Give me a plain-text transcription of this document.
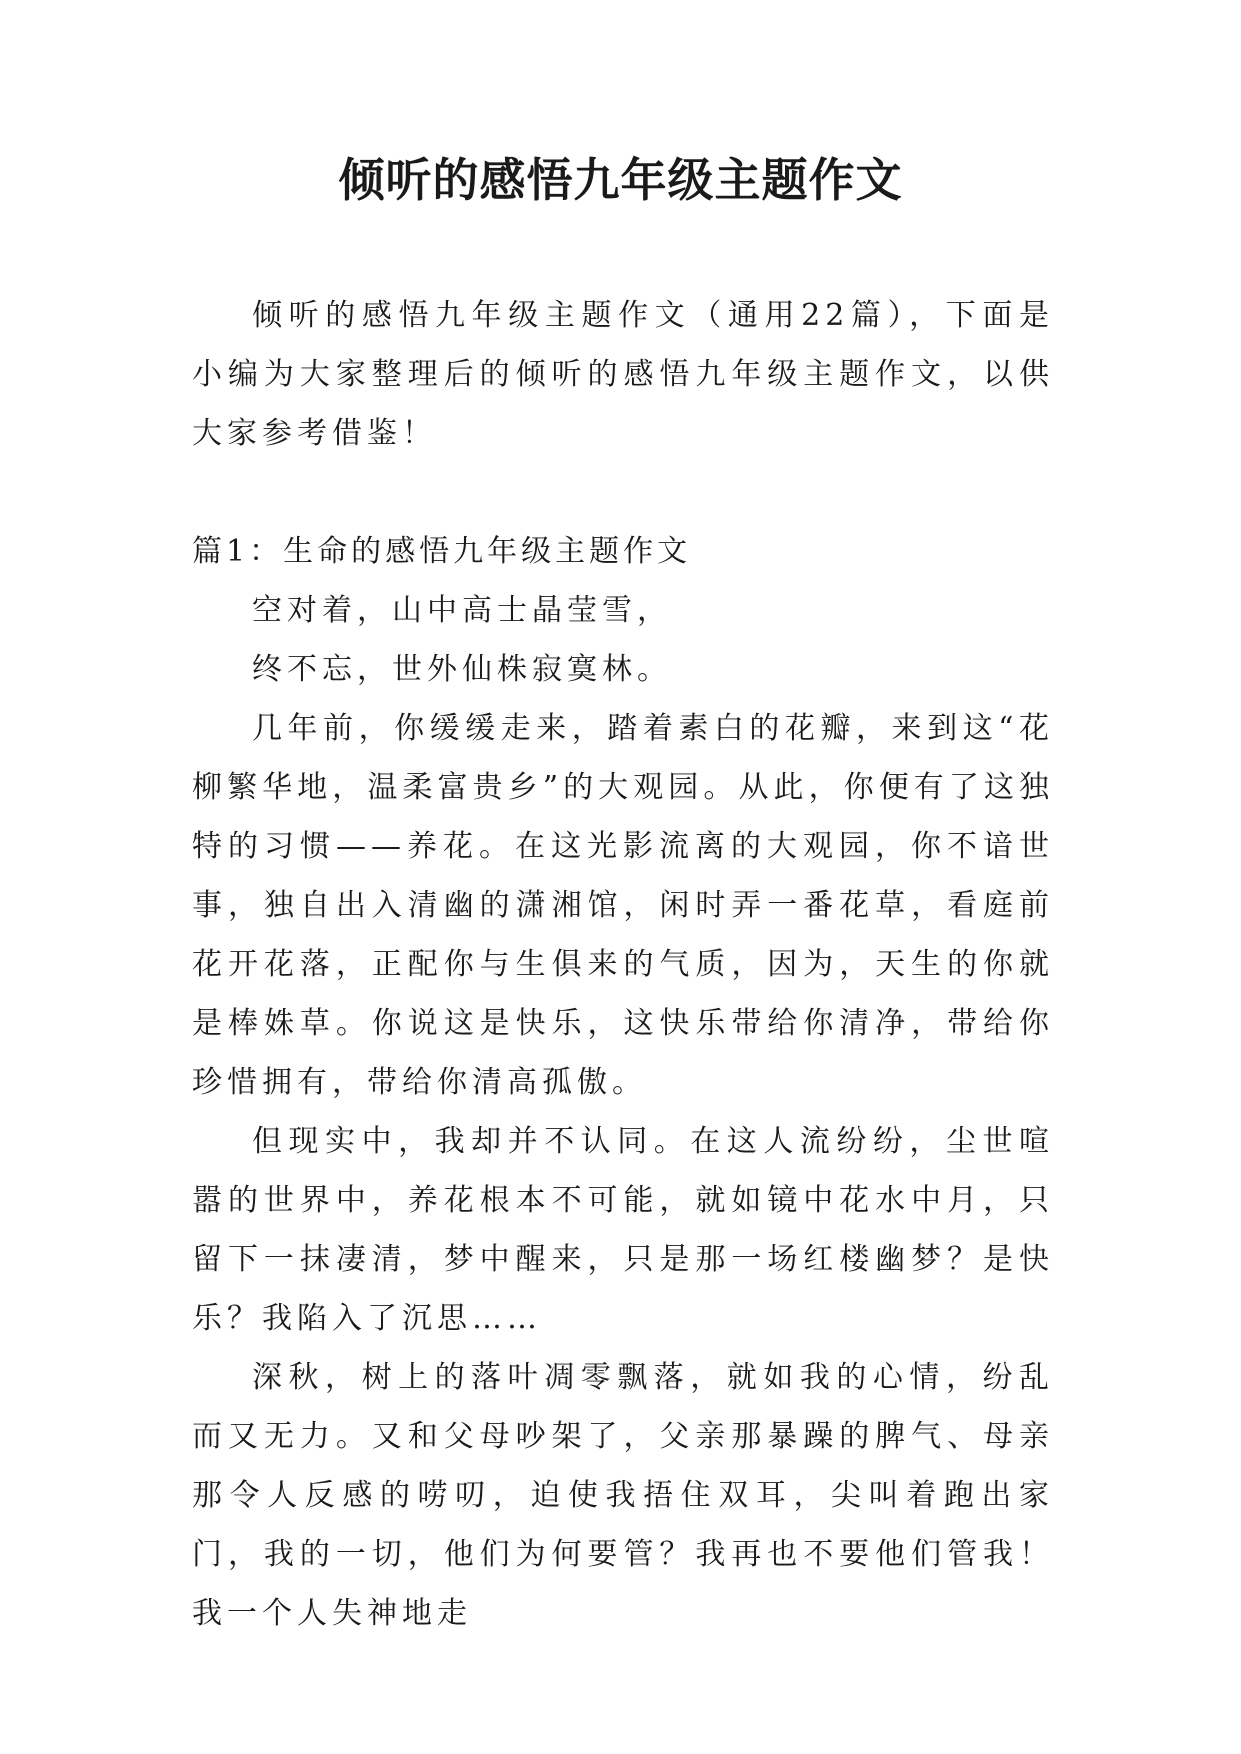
倾听的感悟九年级主题作文

倾听的感悟九年级主题作文（通用22篇），下面是小编为大家整理后的倾听的感悟九年级主题作文，以供大家参考借鉴！

篇1：生命的感悟九年级主题作文

空对着，山中高士晶莹雪，

终不忘，世外仙株寂寞林。

几年前，你缓缓走来，踏着素白的花瓣，来到这“花柳繁华地，温柔富贵乡”的大观园。从此，你便有了这独特的习惯——养花。在这光影流离的大观园，你不谙世事，独自出入清幽的潇湘馆，闲时弄一番花草，看庭前花开花落，正配你与生俱来的气质，因为，天生的你就是棒姝草。你说这是快乐，这快乐带给你清净，带给你珍惜拥有，带给你清高孤傲。

但现实中，我却并不认同。在这人流纷纷，尘世喧嚣的世界中，养花根本不可能，就如镜中花水中月，只留下一抹凄清，梦中醒来，只是那一场红楼幽梦？是快乐？我陷入了沉思……

深秋，树上的落叶凋零飘落，就如我的心情，纷乱而又无力。又和父母吵架了，父亲那暴躁的脾气、母亲那令人反感的唠叨，迫使我捂住双耳，尖叫着跑出家门，我的一切，他们为何要管？我再也不要他们管我！我一个人失神地走
